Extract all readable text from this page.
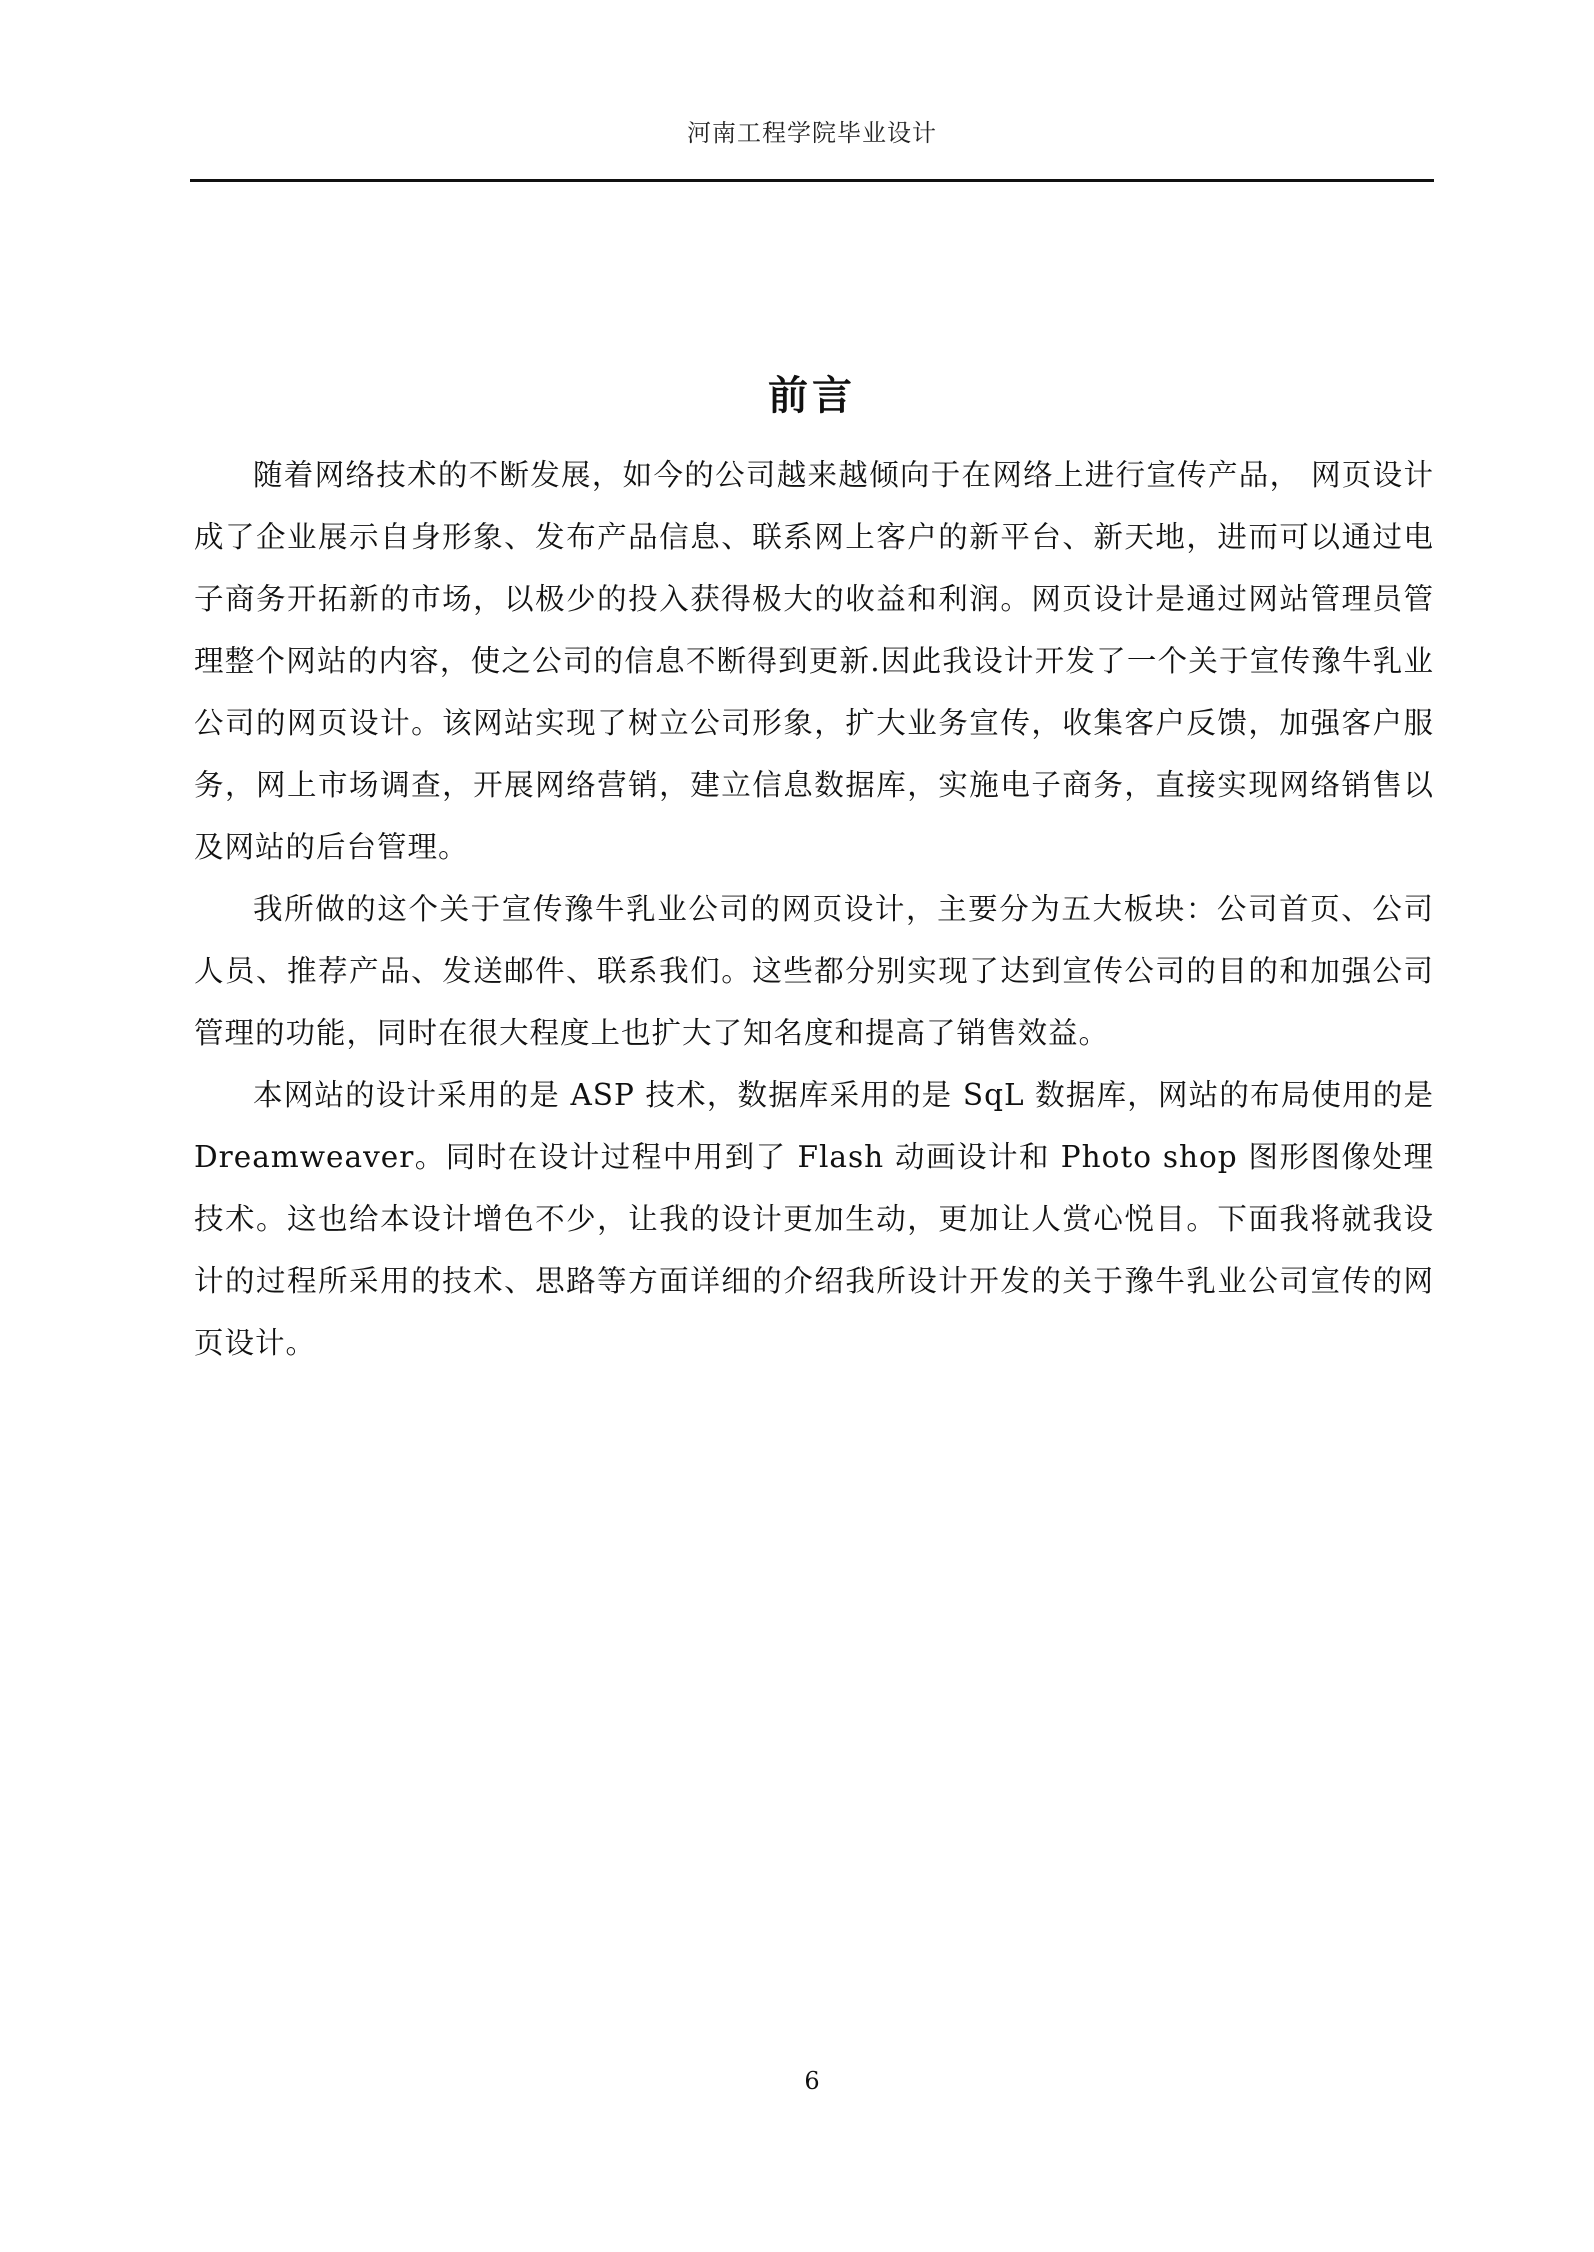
河南工程学院毕业设计
前言

随着网络技术的不断发展，如今的公司越来越倾向于在网络上进行宣传产品， 网页设计成了企业展示自身形象、发布产品信息、联系网上客户的新平台、新天地，进而可以通过电子商务开拓新的市场，以极少的投入获得极大的收益和利润。网页设计是通过网站管理员管理整个网站的内容，使之公司的信息不断得到更新.因此我设计开发了一个关于宣传豫牛乳业公司的网页设计。该网站实现了树立公司形象，扩大业务宣传，收集客户反馈，加强客户服务，网上市场调查，开展网络营销，建立信息数据库，实施电子商务，直接实现网络销售以及网站的后台管理。

我所做的这个关于宣传豫牛乳业公司的网页设计，主要分为五大板块：公司首页、公司人员、推荐产品、发送邮件、联系我们。这些都分别实现了达到宣传公司的目的和加强公司管理的功能，同时在很大程度上也扩大了知名度和提高了销售效益。

本网站的设计采用的是 ASP 技术，数据库采用的是 SqL 数据库，网站的布局使用的是 Dreamweaver。同时在设计过程中用到了 Flash 动画设计和 Photo shop 图形图像处理技术。这也给本设计增色不少，让我的设计更加生动，更加让人赏心悦目。下面我将就我设计的过程所采用的技术、思路等方面详细的介绍我所设计开发的关于豫牛乳业公司宣传的网页设计。

6
